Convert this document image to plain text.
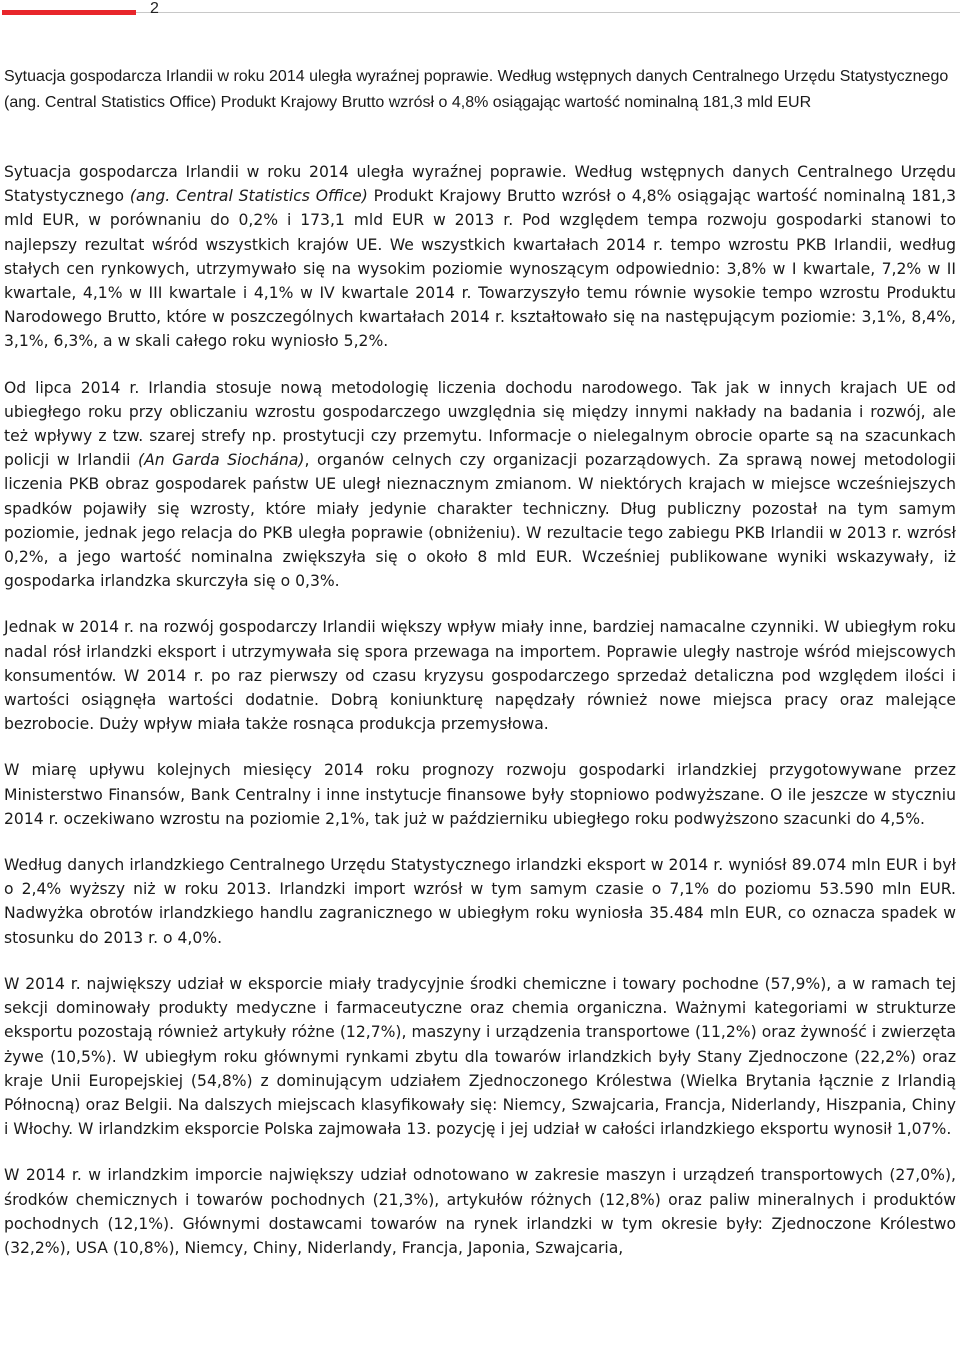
2

Sytuacja gospodarcza Irlandii w roku 2014 uległa wyraźnej poprawie. Według wstępnych danych Centralnego Urzędu Statystycznego (ang. Central Statistics Office) Produkt Krajowy Brutto wzrósł o 4,8% osiągając wartość nominalną 181,3 mld EUR

Sytuacja gospodarcza Irlandii w roku 2014 uległa wyraźnej poprawie. Według wstępnych danych Centralnego Urzędu Statystycznego (ang. Central Statistics Office) Produkt Krajowy Brutto wzrósł o 4,8% osiągając wartość nominalną 181,3 mld EUR, w porównaniu do 0,2% i 173,1 mld EUR w 2013 r. Pod względem tempa rozwoju gospodarki stanowi to najlepszy rezultat wśród wszystkich krajów UE. We wszystkich kwartałach 2014 r. tempo wzrostu PKB Irlandii, według stałych cen rynkowych, utrzymywało się na wysokim poziomie wynoszącym odpowiednio: 3,8% w I kwartale, 7,2% w II kwartale, 4,1% w III kwartale i 4,1% w IV kwartale 2014 r. Towarzyszyło temu równie wysokie tempo wzrostu Produktu Narodowego Brutto, które w poszczególnych kwartałach 2014 r. kształtowało się na następującym poziomie: 3,1%, 8,4%, 3,1%, 6,3%, a w skali całego roku wyniosło 5,2%.

Od lipca 2014 r. Irlandia stosuje nową metodologię liczenia dochodu narodowego. Tak jak w innych krajach UE od ubiegłego roku przy obliczaniu wzrostu gospodarczego uwzględnia się między innymi nakłady na badania i rozwój, ale też wpływy z tzw. szarej strefy np. prostytucji czy przemytu. Informacje o nielegalnym obrocie oparte są na szacunkach policji w Irlandii (An Garda Siochána), organów celnych czy organizacji pozarządowych. Za sprawą nowej metodologii liczenia PKB obraz gospodarek państw UE uległ nieznacznym zmianom. W niektórych krajach w miejsce wcześniejszych spadków pojawiły się wzrosty, które miały jedynie charakter techniczny. Dług publiczny pozostał na tym samym poziomie, jednak jego relacja do PKB uległa poprawie (obniżeniu). W rezultacie tego zabiegu PKB Irlandii w 2013 r. wzrósł 0,2%, a jego wartość nominalna zwiększyła się o około 8 mld EUR. Wcześniej publikowane wyniki wskazywały, iż gospodarka irlandzka skurczyła się o 0,3%.

Jednak w 2014 r. na rozwój gospodarczy Irlandii większy wpływ miały inne, bardziej namacalne czynniki. W ubiegłym roku nadal rósł irlandzki eksport i utrzymywała się spora przewaga na importem. Poprawie uległy nastroje wśród miejscowych konsumentów. W 2014 r. po raz pierwszy od czasu kryzysu gospodarczego sprzedaż detaliczna pod względem ilości i wartości osiągnęła wartości dodatnie. Dobrą koniunkturę napędzały również nowe miejsca pracy oraz malejące bezrobocie. Duży wpływ miała także rosnąca produkcja przemysłowa.

W miarę upływu kolejnych miesięcy 2014 roku prognozy rozwoju gospodarki irlandzkiej przygotowywane przez Ministerstwo Finansów, Bank Centralny i inne instytucje finansowe były stopniowo podwyższane. O ile jeszcze w styczniu 2014 r. oczekiwano wzrostu na poziomie 2,1%, tak już w październiku ubiegłego roku podwyższono szacunki do 4,5%.

Według danych irlandzkiego Centralnego Urzędu Statystycznego irlandzki eksport w 2014 r. wyniósł 89.074 mln EUR i był o 2,4% wyższy niż w roku 2013. Irlandzki import wzrósł w tym samym czasie o 7,1% do poziomu 53.590 mln EUR. Nadwyżka obrotów irlandzkiego handlu zagranicznego w ubiegłym roku wyniosła 35.484 mln EUR, co oznacza spadek w stosunku do 2013 r. o 4,0%.

W 2014 r. największy udział w eksporcie miały tradycyjnie środki chemiczne i towary pochodne (57,9%), a w ramach tej sekcji dominowały produkty medyczne i farmaceutyczne oraz chemia organiczna. Ważnymi kategoriami w strukturze eksportu pozostają również artykuły różne (12,7%), maszyny i urządzenia transportowe (11,2%) oraz żywność i zwierzęta żywe (10,5%). W ubiegłym roku głównymi rynkami zbytu dla towarów irlandzkich były Stany Zjednoczone (22,2%) oraz kraje Unii Europejskiej (54,8%) z dominującym udziałem Zjednoczonego Królestwa (Wielka Brytania łącznie z Irlandią Północną) oraz Belgii. Na dalszych miejscach klasyfikowały się: Niemcy, Szwajcaria, Francja, Niderlandy, Hiszpania, Chiny i Włochy. W irlandzkim eksporcie Polska zajmowała 13. pozycję i jej udział w całości irlandzkiego eksportu wynosił 1,07%.

W 2014 r. w irlandzkim imporcie największy udział odnotowano w zakresie maszyn i urządzeń transportowych (27,0%), środków chemicznych i towarów pochodnych (21,3%), artykułów różnych (12,8%) oraz paliw mineralnych i produktów pochodnych (12,1%). Głównymi dostawcami towarów na rynek irlandzki w tym okresie były: Zjednoczone Królestwo (32,2%), USA (10,8%), Niemcy, Chiny, Niderlandy, Francja, Japonia, Szwajcaria,
